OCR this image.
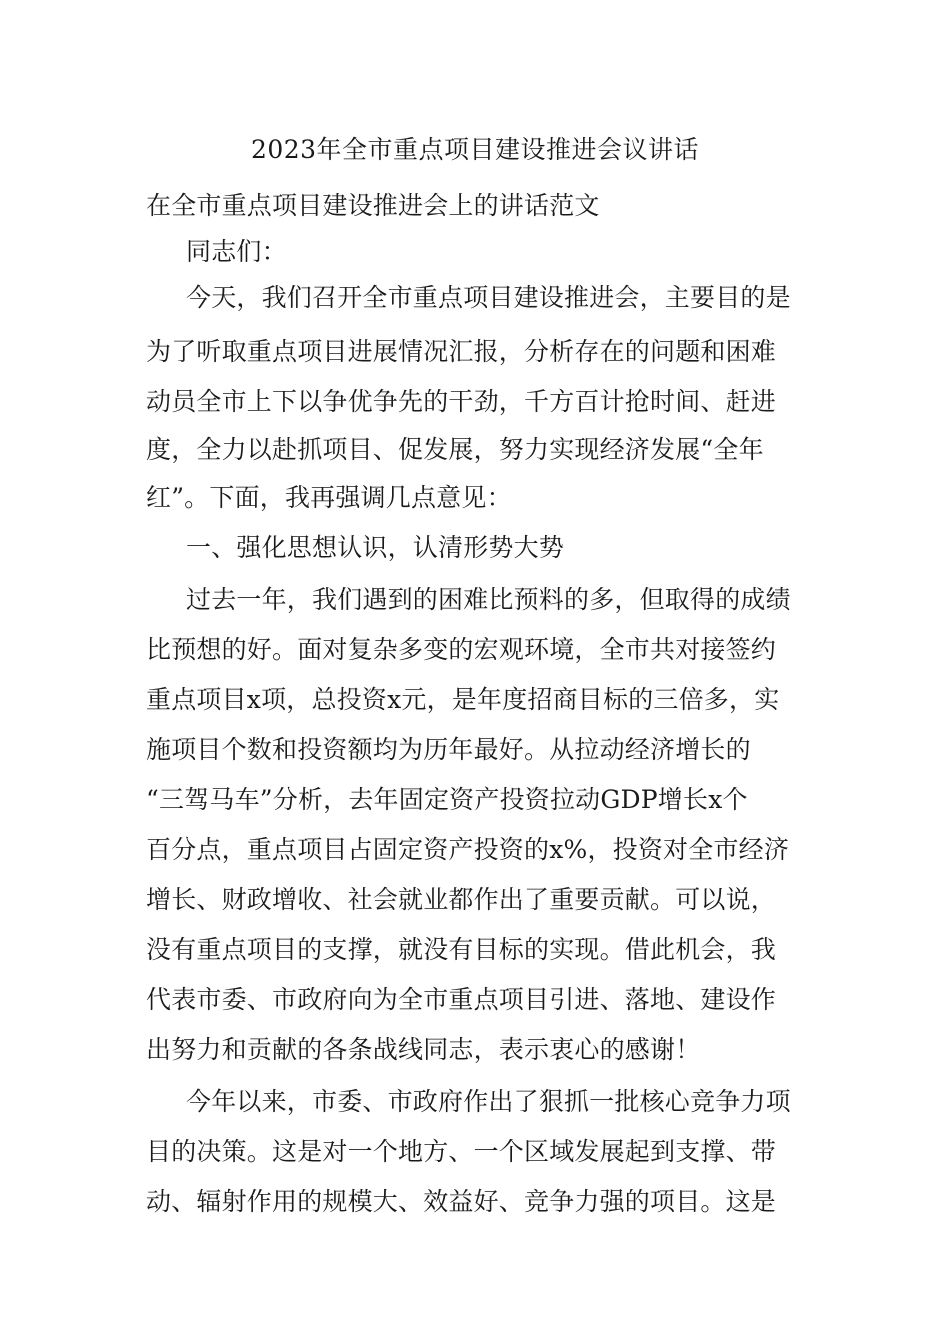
2023年全市重点项目建设推进会议讲话

在全市重点项目建设推进会上的讲话范文

同志们：

今天，我们召开全市重点项目建设推进会，主要目的是

为了听取重点项目进展情况汇报，分析存在的问题和困难

动员全市上下以争优争先的干劲，千方百计抢时间、赶进

度，全力以赴抓项目、促发展，努力实现经济发展“全年

红”。下面，我再强调几点意见：

一、强化思想认识，认清形势大势

过去一年，我们遇到的困难比预料的多，但取得的成绩

比预想的好。面对复杂多变的宏观环境，全市共对接签约

重点项目x项，总投资x元，是年度招商目标的三倍多，实

施项目个数和投资额均为历年最好。从拉动经济增长的

“三驾马车”分析，去年固定资产投资拉动GDP增长x个

百分点，重点项目占固定资产投资的x%，投资对全市经济

增长、财政增收、社会就业都作出了重要贡献。可以说，

没有重点项目的支撑，就没有目标的实现。借此机会，我

代表市委、市政府向为全市重点项目引进、落地、建设作

出努力和贡献的各条战线同志，表示衷心的感谢！

今年以来，市委、市政府作出了狠抓一批核心竞争力项

目的决策。这是对一个地方、一个区域发展起到支撑、带

动、辐射作用的规模大、效益好、竞争力强的项目。这是
